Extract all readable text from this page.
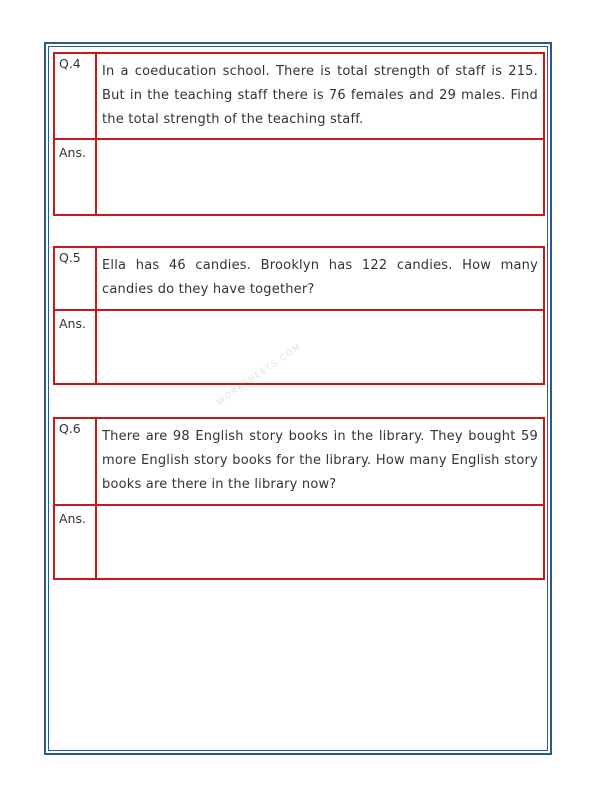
WORKSHEETS.COM
Q.4
In a coeducation school. There is total strength of staff is 215. But in the teaching staff there is 76 females and 29 males. Find the total strength of the teaching staff.
Ans.
Q.5
Ella has 46 candies. Brooklyn has 122 candies. How many candies do they have together?
Ans.
Q.6
There are 98 English story books in the library. They bought 59 more English story books for the library. How many English story books are there in the library now?
Ans.
